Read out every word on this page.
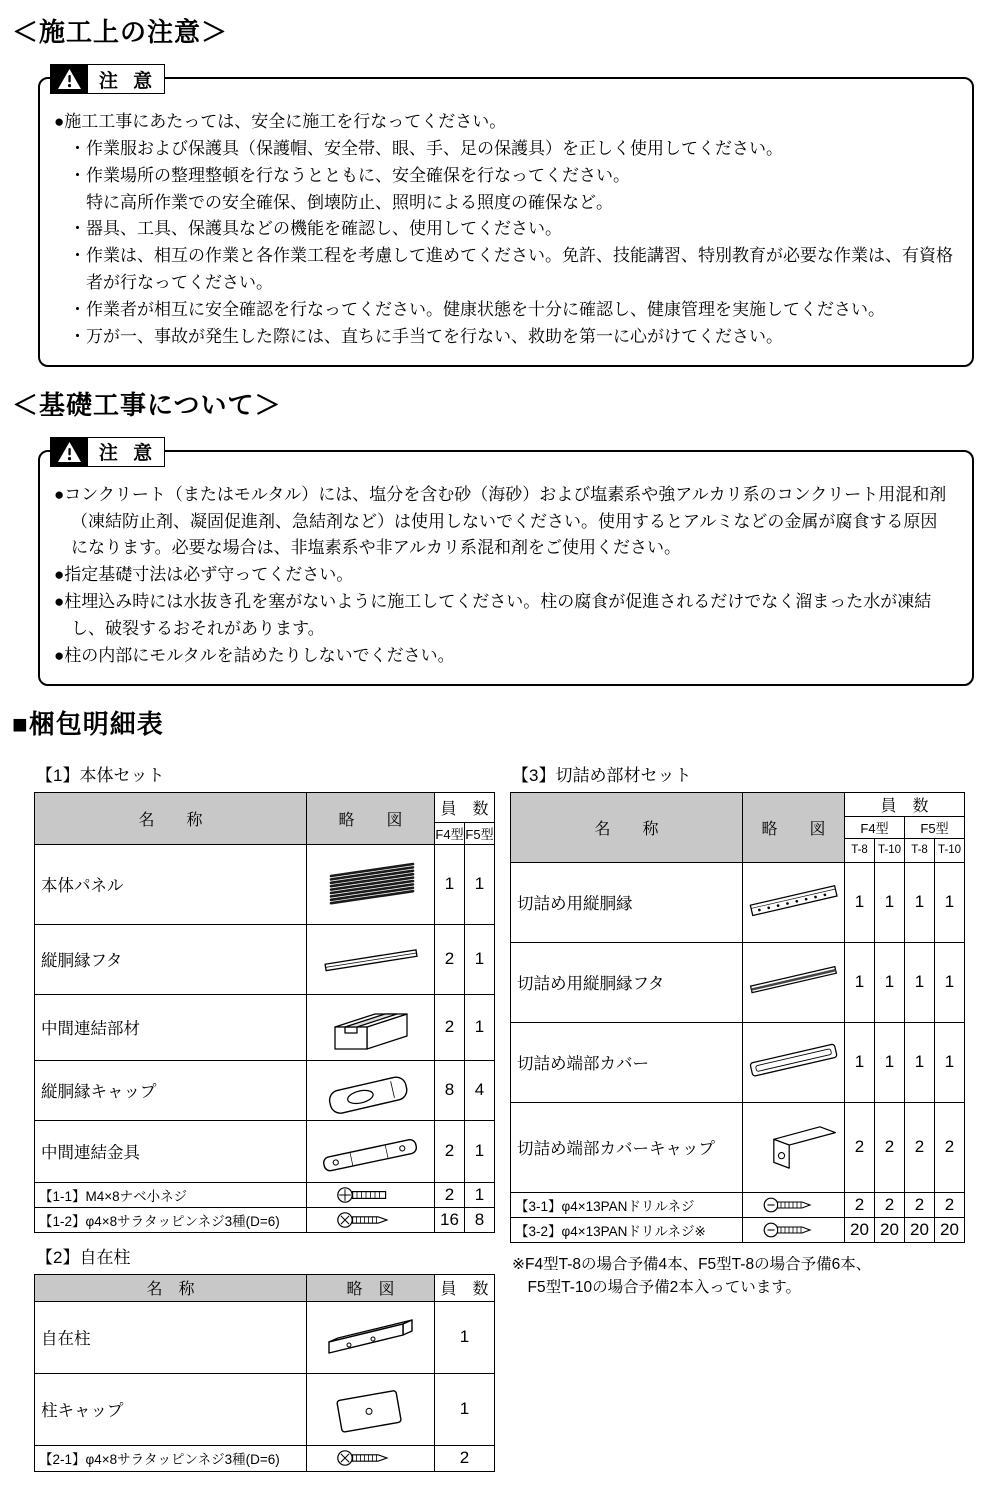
＜施工上の注意＞
注 意

●施工工事にあたっては、安全に施工を行なってください。

・作業服および保護具（保護帽、安全帯、眼、手、足の保護具）を正しく使用してください。

・作業場所の整理整頓を行なうとともに、安全確保を行なってください。

特に高所作業での安全確保、倒壊防止、照明による照度の確保など。

・器具、工具、保護具などの機能を確認し、使用してください。

・作業は、相互の作業と各作業工程を考慮して進めてください。免許、技能講習、特別教育が必要な作業は、有資格者が行なってください。

・作業者が相互に安全確認を行なってください。健康状態を十分に確認し、健康管理を実施してください。

・万が一、事故が発生した際には、直ちに手当てを行ない、救助を第一に心がけてください。

＜基礎工事について＞
注 意

●コンクリート（またはモルタル）には、塩分を含む砂（海砂）および塩素系や強アルカリ系のコンクリート用混和剤（凍結防止剤、凝固促進剤、急結剤など）は使用しないでください。使用するとアルミなどの金属が腐食する原因になります。必要な場合は、非塩素系や非アルカリ系混和剤をご使用ください。

●指定基礎寸法は必ず守ってください。

●柱埋込み時には水抜き孔を塞がないように施工してください。柱の腐食が促進されるだけでなく溜まった水が凍結し、破裂するおそれがあります。

●柱の内部にモルタルを詰めたりしないでください。

■梱包明細表
【1】本体セット
名　　称	略　　図	員　数	
		F4型	F5型
本体パネル		1	1
縦胴縁フタ		2	1
中間連結部材		2	1
縦胴縁キャップ		8	4
中間連結金具		2	1
【1-1】M4×8ナベ小ネジ		2	1
【1-2】φ4×8サラタッピンネジ3種(D=6)		16	8
【2】自在柱
名　称	略　図	員　数
自在柱		1
柱キャップ		1
【2-1】φ4×8サラタッピンネジ3種(D=6)		2
【3】切詰め部材セット
名　　称	略　　図	員　数			
		F4型		F5型	
		T-8	T-10	T-8	T-10
切詰め用縦胴縁		1	1	1	1
切詰め用縦胴縁フタ		1	1	1	1
切詰め端部カバー		1	1	1	1
切詰め端部カバーキャップ		2	2	2	2
【3-1】φ4×13PANドリルネジ		2	2	2	2
【3-2】φ4×13PANドリルネジ※		20	20	20	20

※F4型T-8の場合予備4本、F5型T-8の場合予備6本、

　F5型T-10の場合予備2本入っています。
